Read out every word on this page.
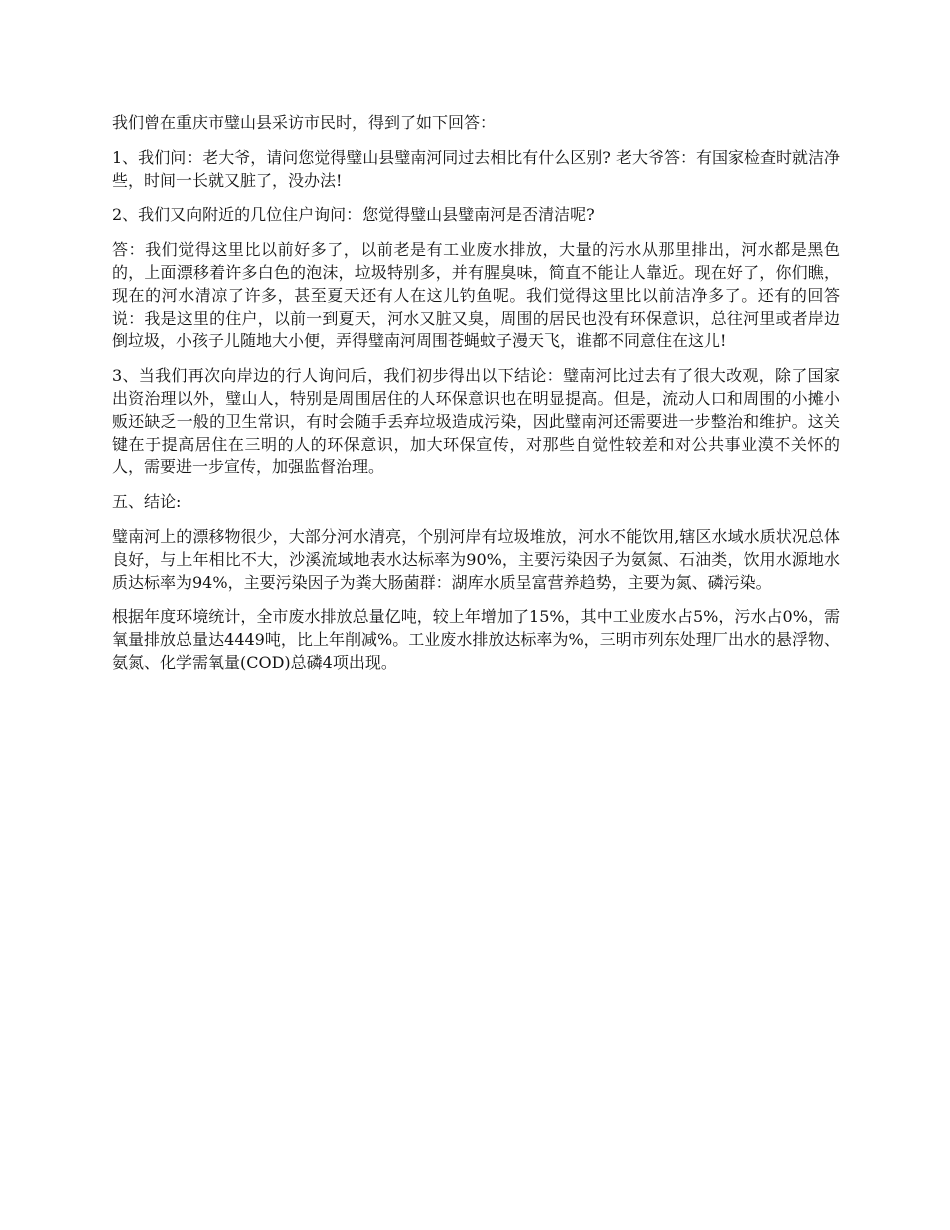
我们曾在重庆市璧山县采访市民时，得到了如下回答：

1、我们问：老大爷，请问您觉得璧山县璧南河同过去相比有什么区别? 老大爷答：有国家检查时就洁净些，时间一长就又脏了，没办法!

2、我们又向附近的几位住户询问：您觉得璧山县璧南河是否清洁呢?

答：我们觉得这里比以前好多了，以前老是有工业废水排放，大量的污水从那里排出，河水都是黑色的，上面漂移着许多白色的泡沫，垃圾特别多，并有腥臭味，简直不能让人靠近。现在好了，你们瞧，现在的河水清凉了许多，甚至夏天还有人在这儿钓鱼呢。我们觉得这里比以前洁净多了。还有的回答说：我是这里的住户，以前一到夏天，河水又脏又臭，周围的居民也没有环保意识，总往河里或者岸边倒垃圾，小孩子儿随地大小便，弄得璧南河周围苍蝇蚊子漫天飞，谁都不同意住在这儿!

3、当我们再次向岸边的行人询问后，我们初步得出以下结论：璧南河比过去有了很大改观，除了国家出资治理以外，璧山人，特别是周围居住的人环保意识也在明显提高。但是，流动人口和周围的小摊小贩还缺乏一般的卫生常识，有时会随手丢弃垃圾造成污染，因此璧南河还需要进一步整治和维护。这关键在于提高居住在三明的人的环保意识，加大环保宣传，对那些自觉性较差和对公共事业漠不关怀的人，需要进一步宣传，加强监督治理。

五、结论:

璧南河上的漂移物很少，大部分河水清亮，个别河岸有垃圾堆放，河水不能饮用,辖区水域水质状况总体良好，与上年相比不大，沙溪流域地表水达标率为90%，主要污染因子为氨氮、石油类，饮用水源地水质达标率为94%，主要污染因子为粪大肠菌群：湖库水质呈富营养趋势，主要为氮、磷污染。

根据年度环境统计，全市废水排放总量亿吨，较上年增加了15%，其中工业废水占5%，污水占0%，需氧量排放总量达4449吨，比上年削减%。工业废水排放达标率为%，三明市列东处理厂出水的悬浮物、氨氮、化学需氧量(COD)总磷4项出现。
